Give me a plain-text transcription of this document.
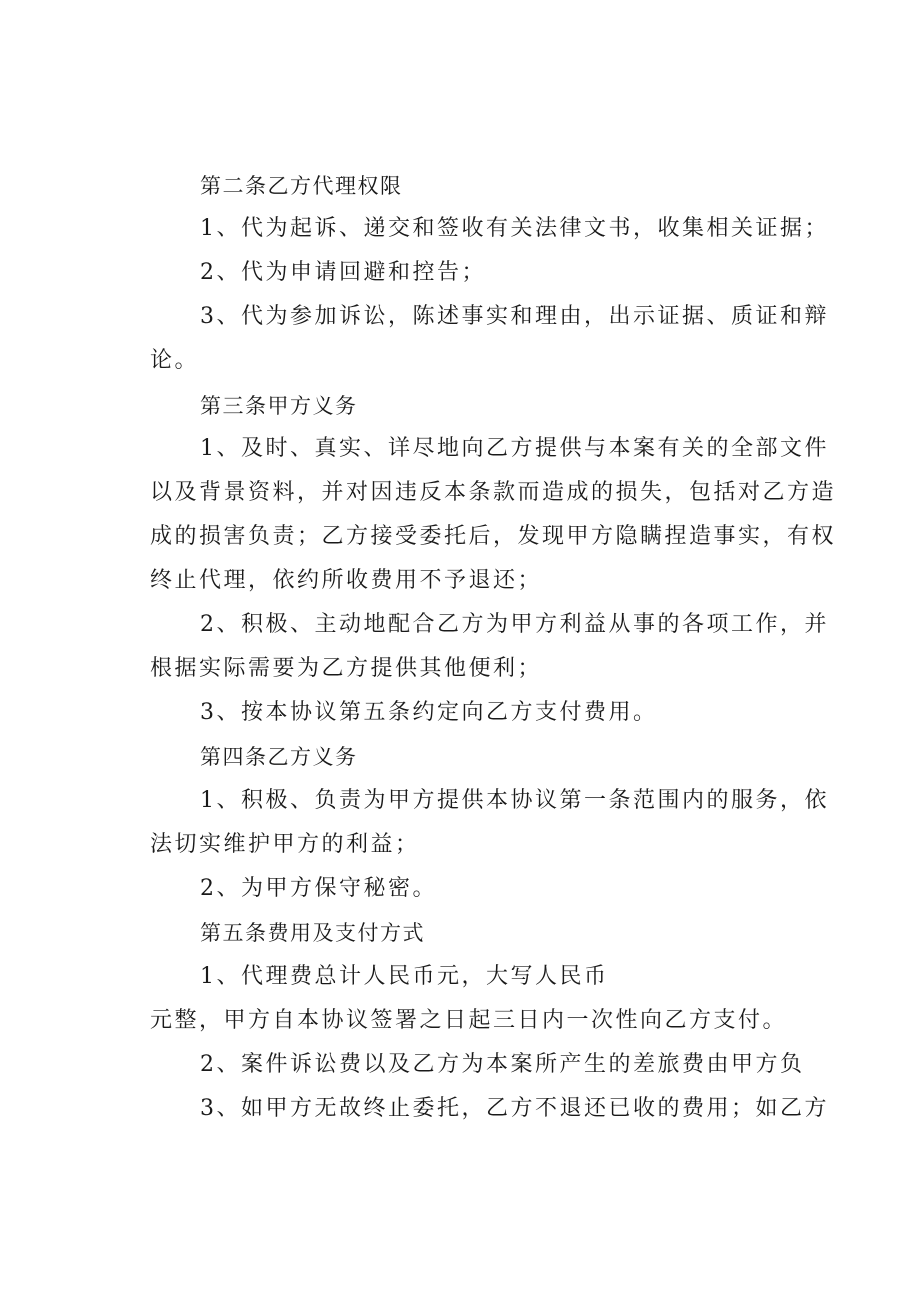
第二条乙方代理权限
1、代为起诉、递交和签收有关法律文书，收集相关证据；
2、代为申请回避和控告；
3、代为参加诉讼，陈述事实和理由，出示证据、质证和辩
论。
第三条甲方义务
1、及时、真实、详尽地向乙方提供与本案有关的全部文件
以及背景资料，并对因违反本条款而造成的损失，包括对乙方造
成的损害负责；乙方接受委托后，发现甲方隐瞒捏造事实，有权
终止代理，依约所收费用不予退还；
2、积极、主动地配合乙方为甲方利益从事的各项工作，并
根据实际需要为乙方提供其他便利；
3、按本协议第五条约定向乙方支付费用。
第四条乙方义务
1、积极、负责为甲方提供本协议第一条范围内的服务，依
法切实维护甲方的利益；
2、为甲方保守秘密。
第五条费用及支付方式
1、代理费总计人民币元，大写人民币
元整，甲方自本协议签署之日起三日内一次性向乙方支付。
2、案件诉讼费以及乙方为本案所产生的差旅费由甲方负
3、如甲方无故终止委托，乙方不退还已收的费用；如乙方
